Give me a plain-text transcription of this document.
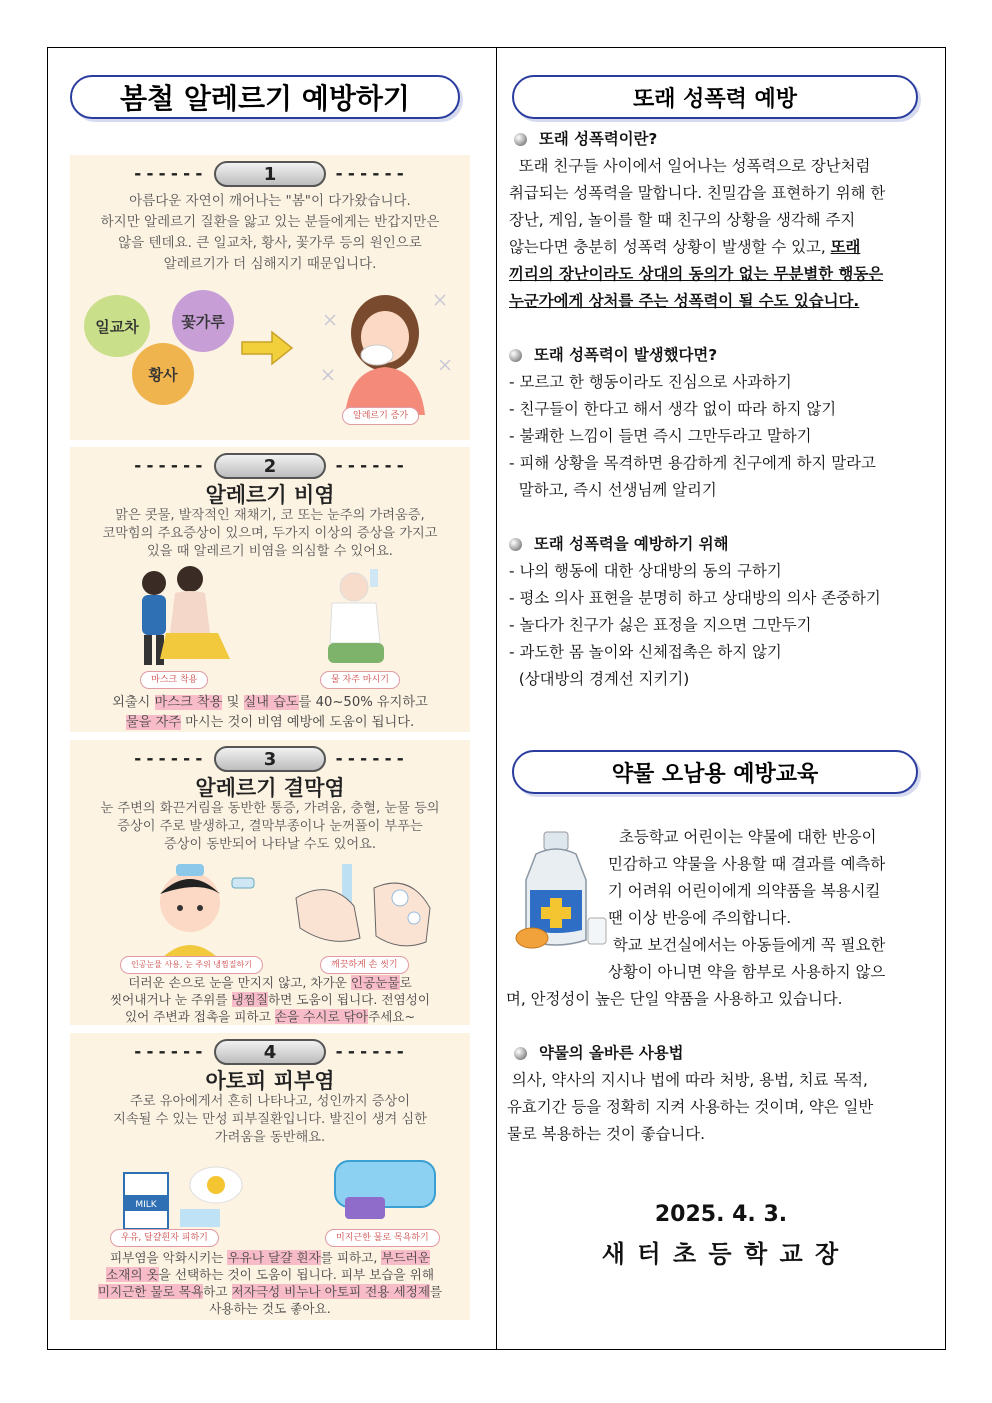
봄철 알레르기 예방하기
------	1	------
아름다운 자연이 깨어나는 "봄"이 다가왔습니다.
하지만 알레르기 질환을 앓고 있는 분들에게는 반갑지만은
않을 텐데요. 큰 일교차, 황사, 꽃가루 등의 원인으로
알레르기가 더 심해지기 때문입니다.
일교차	꽃가루
황사
알레르기 증가
------	2	------
알레르기 비염
맑은 콧물, 발작적인 재채기, 코 또는 눈주의 가려움증,
코막힘의 주요증상이 있으며, 두가지 이상의 증상을 가지고
있을 때 알레르기 비염을 의심할 수 있어요.
마스크 착용	물 자주 마시기
외출시 마스크 착용 및 실내 습도를 40~50% 유지하고
물을 자주 마시는 것이 비염 예방에 도움이 됩니다.
------	3	------
알레르기 결막염
눈 주변의 화끈거림을 동반한 통증, 가려움, 충혈, 눈물 등의
증상이 주로 발생하고, 결막부종이나 눈꺼풀이 부푸는
증상이 동반되어 나타날 수도 있어요.
인공눈물 사용, 눈 주위 냉찜질하기	깨끗하게 손 씻기
더러운 손으로 눈을 만지지 않고, 차가운 인공눈물로
씻어내거나 눈 주위를 냉찜질하면 도움이 됩니다. 전염성이
있어 주변과 접촉을 피하고 손을 수시로 닦아주세요~
------	4	------
아토피 피부염
주로 유아에게서 흔히 나타나고, 성인까지 증상이
지속될 수 있는 만성 피부질환입니다. 발진이 생겨 심한
가려움을 동반해요.
MILK
우유, 달걀흰자 피하기	미지근한 물로 목욕하기
피부염을 악화시키는 우유나 달걀 흰자를 피하고, 부드러운
소재의 옷을 선택하는 것이 도움이 됩니다. 피부 보습을 위해
미지근한 물로 목욕하고 저자극성 비누나 아토피 전용 세정제를
사용하는 것도 좋아요.
또래 성폭력 예방
또래 성폭력이란?
또래 친구들 사이에서 일어나는 성폭력으로 장난처럼
취급되는 성폭력을 말합니다. 친밀감을 표현하기 위해 한
장난, 게임, 놀이를 할 때 친구의 상황을 생각해 주지
않는다면 충분히 성폭력 상황이 발생할 수 있고, 또래
끼리의 장난이라도 상대의 동의가 없는 무분별한 행동은
누군가에게 상처를 주는 성폭력이 될 수도 있습니다.
또래 성폭력이 발생했다면?
- 모르고 한 행동이라도 진심으로 사과하기
- 친구들이 한다고 해서 생각 없이 따라 하지 않기
- 불쾌한 느낌이 들면 즉시 그만두라고 말하기
- 피해 상황을 목격하면 용감하게 친구에게 하지 말라고
말하고, 즉시 선생님께 알리기
또래 성폭력을 예방하기 위해
- 나의 행동에 대한 상대방의 동의 구하기
- 평소 의사 표현을 분명히 하고 상대방의 의사 존중하기
- 놀다가 친구가 싫은 표정을 지으면 그만두기
- 과도한 몸 놀이와 신체접촉은 하지 않기
(상대방의 경계선 지키기)
약물 오남용 예방교육
초등학교 어린이는 약물에 대한 반응이
민감하고 약물을 사용할 때 결과를 예측하
기 어려워 어린이에게 의약품을 복용시킬
땐 이상 반응에 주의합니다.
학교 보건실에서는 아동들에게 꼭 필요한
상황이 아니면 약을 함부로 사용하지 않으
며, 안정성이 높은 단일 약품을 사용하고 있습니다.
약물의 올바른 사용법
의사, 약사의 지시나 법에 따라 처방, 용법, 치료 목적,
유효기간 등을 정확히 지켜 사용하는 것이며, 약은 일반
물로 복용하는 것이 좋습니다.
2025. 4. 3.
새 터 초 등 학 교 장
